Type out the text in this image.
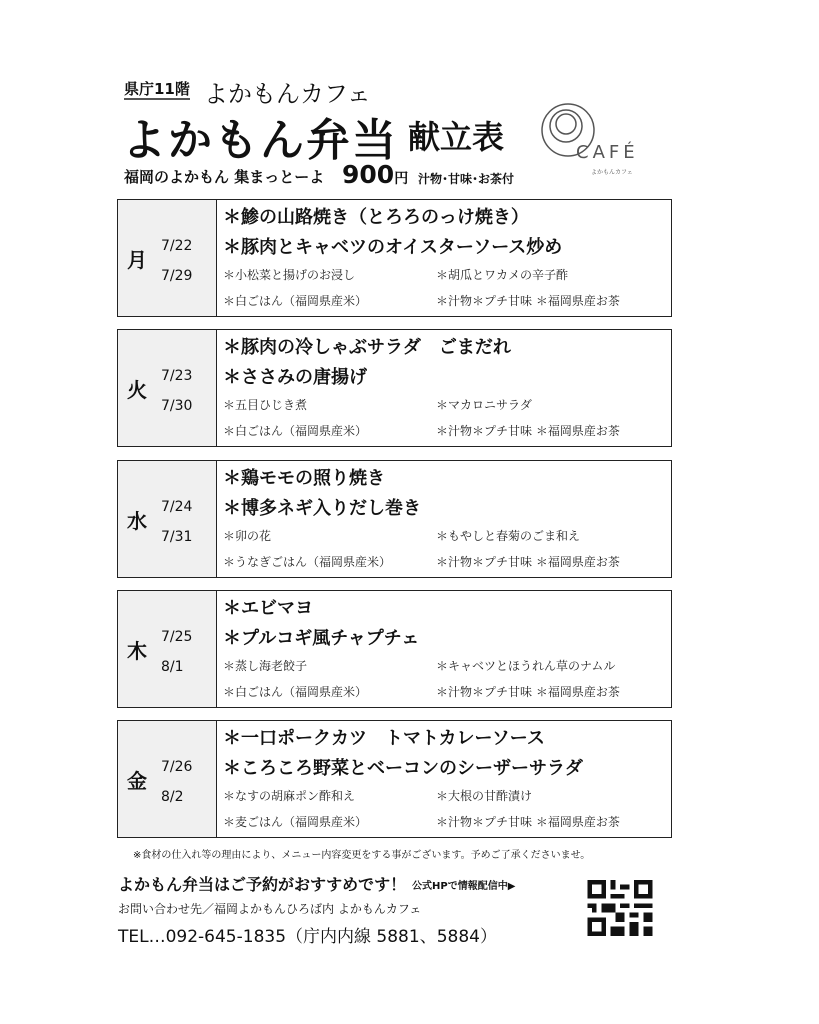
県庁11階 よかもんカフェ
よかもん弁当 献立表
福岡のよかもん 集まっとーよ 900円 汁物･甘味･お茶付
CAFÉ
よかもんカフェ
月
7/22
7/29
＊鯵の山路焼き（とろろのっけ焼き）
＊豚肉とキャベツのオイスターソース炒め
＊小松菜と揚げのお浸し	＊胡瓜とワカメの辛子酢
＊白ごはん（福岡県産米）	＊汁物＊プチ甘味 ＊福岡県産お茶
火
7/23
7/30
＊豚肉の冷しゃぶサラダ　ごまだれ
＊ささみの唐揚げ
＊五目ひじき煮	＊マカロニサラダ
＊白ごはん（福岡県産米）	＊汁物＊プチ甘味 ＊福岡県産お茶
水
7/24
7/31
＊鶏モモの照り焼き
＊博多ネギ入りだし巻き
＊卯の花	＊もやしと春菊のごま和え
＊うなぎごはん（福岡県産米）	＊汁物＊プチ甘味 ＊福岡県産お茶
木
7/25
8/1
＊エビマヨ
＊プルコギ風チャプチェ
＊蒸し海老餃子	＊キャベツとほうれん草のナムル
＊白ごはん（福岡県産米）	＊汁物＊プチ甘味 ＊福岡県産お茶
金
7/26
8/2
＊一口ポークカツ　トマトカレーソース
＊ころころ野菜とベーコンのシーザーサラダ
＊なすの胡麻ポン酢和え	＊大根の甘酢漬け
＊麦ごはん（福岡県産米）	＊汁物＊プチ甘味 ＊福岡県産お茶
※食材の仕入れ等の理由により、メニュー内容変更をする事がございます。予めご了承くださいませ。
よかもん弁当はご予約がおすすめです！ 公式HPで情報配信中▶
お問い合わせ先／福岡よかもんひろば内 よかもんカフェ
TEL…092-645-1835（庁内内線 5881、5884）
